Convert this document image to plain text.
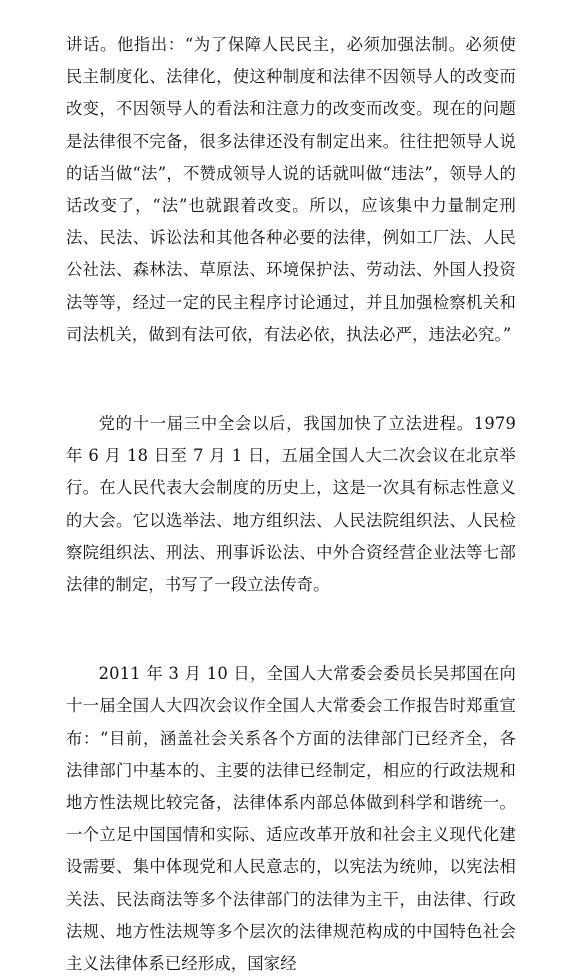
讲话。他指出：“为了保障人民民主，必须加强法制。必须使民主制度化、法律化，使这种制度和法律不因领导人的改变而改变，不因领导人的看法和注意力的改变而改变。现在的问题是法律很不完备，很多法律还没有制定出来。往往把领导人说的话当做“法”，不赞成领导人说的话就叫做“违法”，领导人的话改变了，“法”也就跟着改变。所以，应该集中力量制定刑法、民法、诉讼法和其他各种必要的法律，例如工厂法、人民公社法、森林法、草原法、环境保护法、劳动法、外国人投资法等等，经过一定的民主程序讨论通过，并且加强检察机关和司法机关，做到有法可依，有法必依，执法必严，违法必究。”

党的十一届三中全会以后，我国加快了立法进程。1979 年 6 月 18 日至 7 月 1 日，五届全国人大二次会议在北京举行。在人民代表大会制度的历史上，这是一次具有标志性意义的大会。它以选举法、地方组织法、人民法院组织法、人民检察院组织法、刑法、刑事诉讼法、中外合资经营企业法等七部法律的制定，书写了一段立法传奇。

2011 年 3 月 10 日，全国人大常委会委员长吴邦国在向十一届全国人大四次会议作全国人大常委会工作报告时郑重宣布：“目前，涵盖社会关系各个方面的法律部门已经齐全，各法律部门中基本的、主要的法律已经制定，相应的行政法规和地方性法规比较完备，法律体系内部总体做到科学和谐统一。一个立足中国国情和实际、适应改革开放和社会主义现代化建设需要、集中体现党和人民意志的，以宪法为统帅，以宪法相关法、民法商法等多个法律部门的法律为主干，由法律、行政法规、地方性法规等多个层次的法律规范构成的中国特色社会主义法律体系已经形成，国家经
